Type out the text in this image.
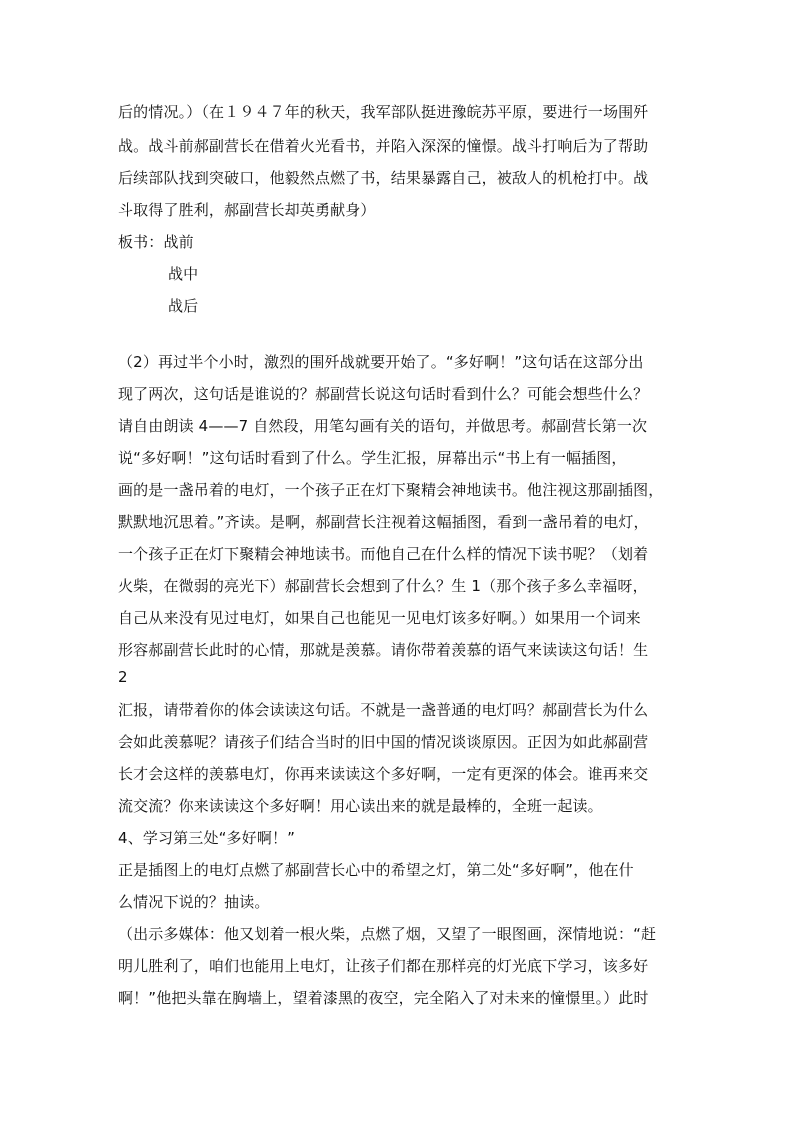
后的情况。）（在１９４７年的秋天，我军部队挺进豫皖苏平原，要进行一场围歼
战。战斗前郝副营长在借着火光看书，并陷入深深的憧憬。战斗打响后为了帮助
后续部队找到突破口，他毅然点燃了书，结果暴露自己，被敌人的机枪打中。战
斗取得了胜利，郝副营长却英勇献身）
板书：战前
战中
战后
（2）再过半个小时，激烈的围歼战就要开始了。“多好啊！”这句话在这部分出
现了两次，这句话是谁说的？郝副营长说这句话时看到什么？可能会想些什么？
请自由朗读 4——7 自然段，用笔勾画有关的语句，并做思考。郝副营长第一次
说“多好啊！”这句话时看到了什么。学生汇报，屏幕出示“书上有一幅插图，
画的是一盏吊着的电灯，一个孩子正在灯下聚精会神地读书。他注视这那副插图，
默默地沉思着。”齐读。是啊，郝副营长注视着这幅插图，看到一盏吊着的电灯，
一个孩子正在灯下聚精会神地读书。而他自己在什么样的情况下读书呢？（划着
火柴，在微弱的亮光下）郝副营长会想到了什么？生 1（那个孩子多么幸福呀，
自己从来没有见过电灯，如果自己也能见一见电灯该多好啊。）如果用一个词来
形容郝副营长此时的心情，那就是羡慕。请你带着羡慕的语气来读读这句话！生
2
汇报，请带着你的体会读读这句话。不就是一盏普通的电灯吗？郝副营长为什么
会如此羡慕呢？请孩子们结合当时的旧中国的情况谈谈原因。正因为如此郝副营
长才会这样的羡慕电灯，你再来读读这个多好啊，一定有更深的体会。谁再来交
流交流？你来读读这个多好啊！用心读出来的就是最棒的，全班一起读。
4、学习第三处“多好啊！”
正是插图上的电灯点燃了郝副营长心中的希望之灯，第二处“多好啊”，他在什
么情况下说的？抽读。
（出示多媒体：他又划着一根火柴，点燃了烟，又望了一眼图画，深情地说：“赶
明儿胜利了，咱们也能用上电灯，让孩子们都在那样亮的灯光底下学习，该多好
啊！”他把头靠在胸墙上，望着漆黑的夜空，完全陷入了对未来的憧憬里。）此时
